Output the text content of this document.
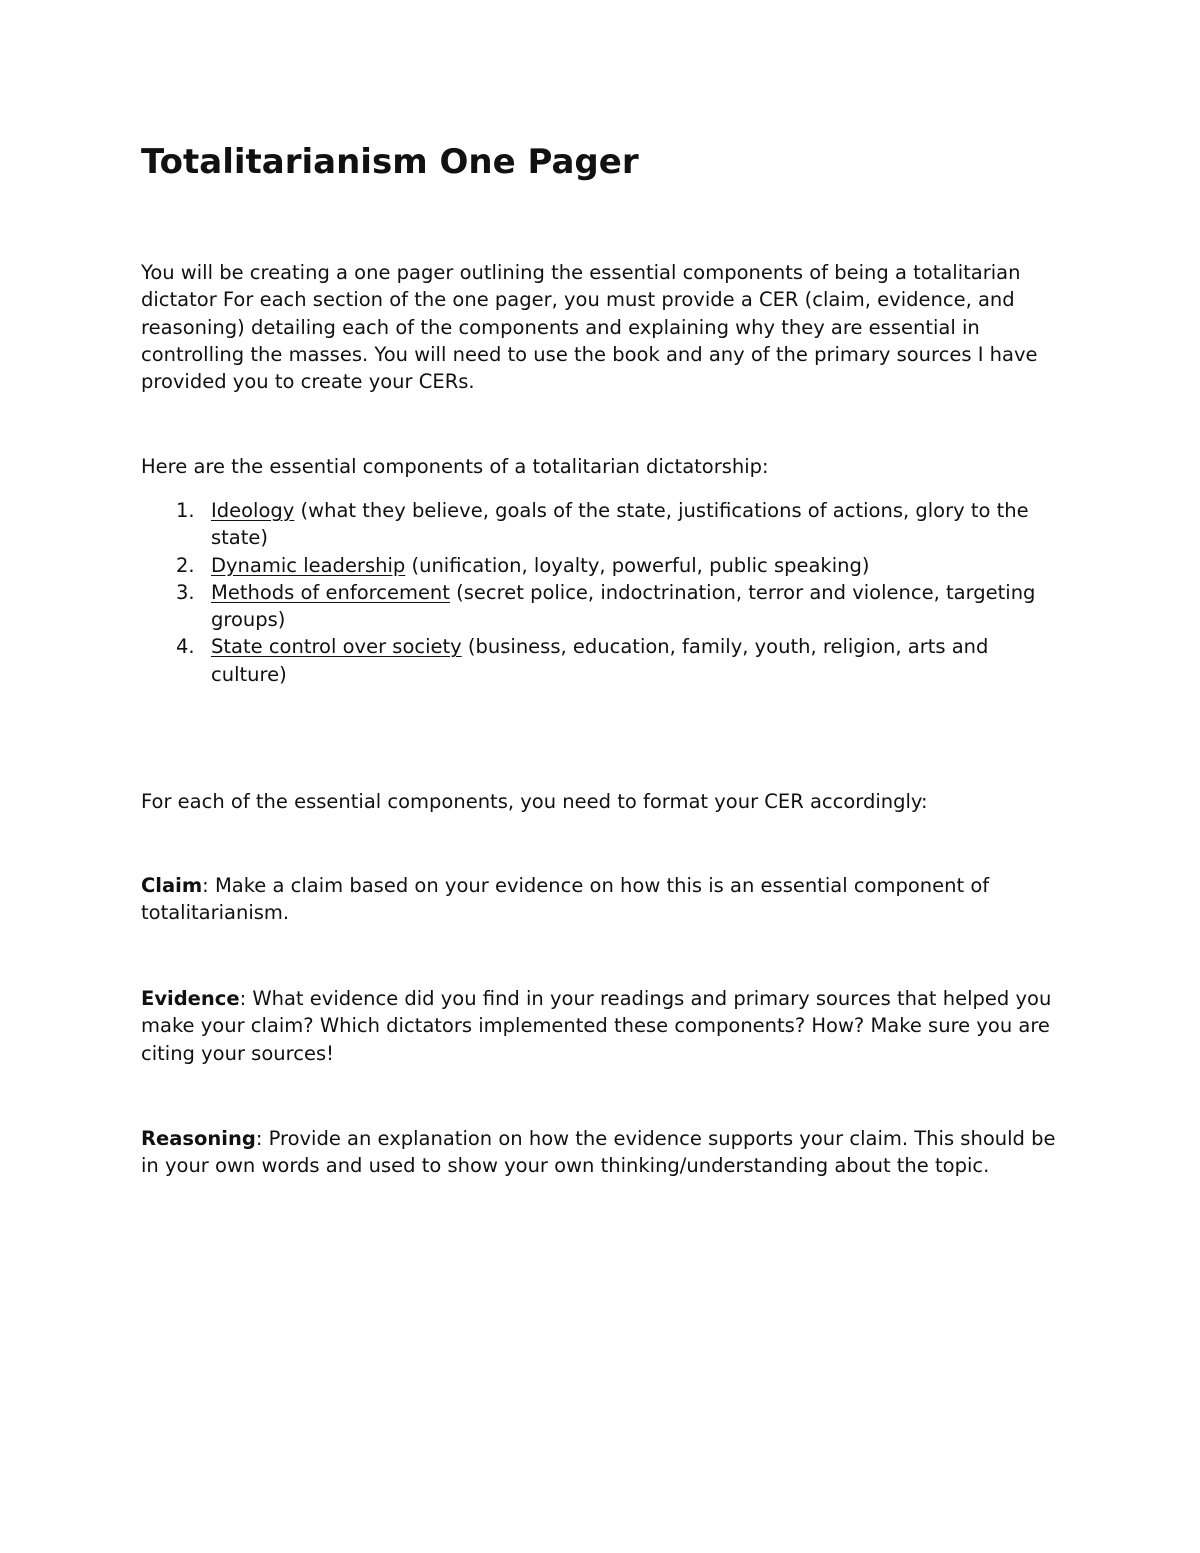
Totalitarianism One Pager

You will be creating a one pager outlining the essential components of being a totalitarian dictator For each section of the one pager, you must provide a CER (claim, evidence, and reasoning) detailing each of the components and explaining why they are essential in controlling the masses. You will need to use the book and any of the primary sources I have provided you to create your CERs.

Here are the essential components of a totalitarian dictatorship:

1. Ideology (what they believe, goals of the state, justifications of actions, glory to the state)
2. Dynamic leadership (unification, loyalty, powerful, public speaking)
3. Methods of enforcement (secret police, indoctrination, terror and violence, targeting groups)
4. State control over society (business, education, family, youth, religion, arts and culture)

For each of the essential components, you need to format your CER accordingly:

Claim: Make a claim based on your evidence on how this is an essential component of totalitarianism.

Evidence: What evidence did you find in your readings and primary sources that helped you make your claim? Which dictators implemented these components? How? Make sure you are citing your sources!

Reasoning: Provide an explanation on how the evidence supports your claim. This should be in your own words and used to show your own thinking/understanding about the topic.
